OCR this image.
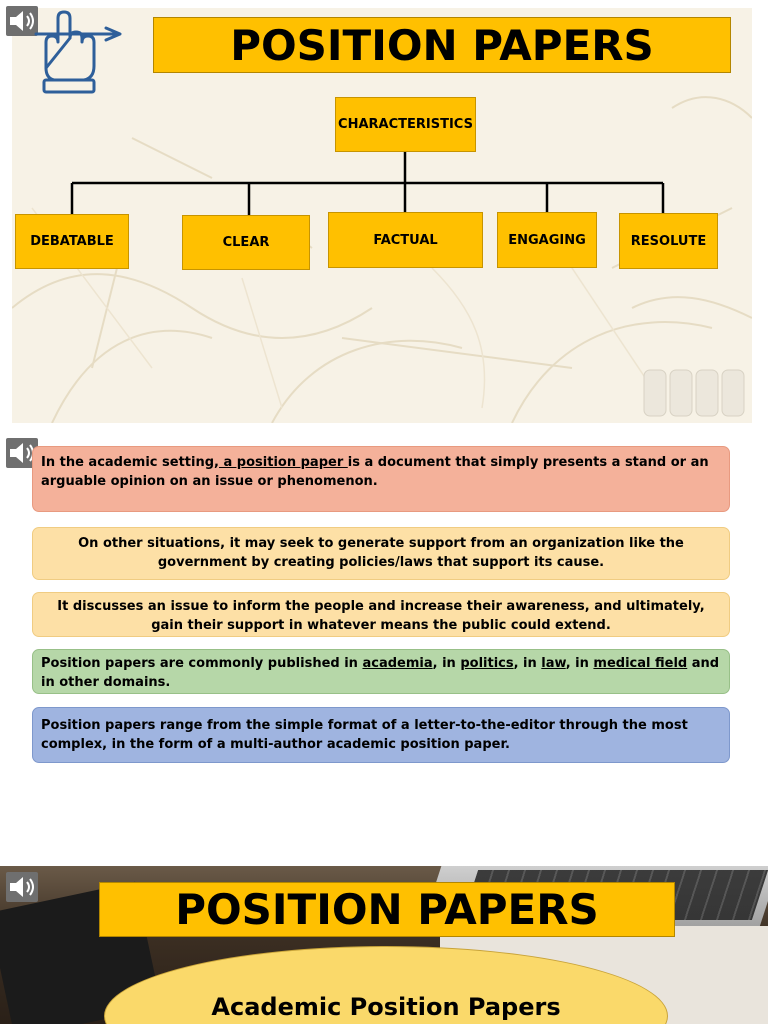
POSITION PAPERS
CHARACTERISTICS
DEBATABLE	CLEAR	FACTUAL	ENGAGING	RESOLUTE
In the academic setting, a position paper is a document that simply presents a stand or an arguable opinion on an issue or phenomenon.
On other situations, it may seek to generate support from an organization like the government by creating policies/laws that support its cause.
It discusses an issue to inform the people and increase their awareness, and ultimately, gain their support in whatever means the public could extend.
Position papers are commonly published in academia, in politics, in law, in medical field and in other domains.
Position papers range from the simple format of a letter-to-the-editor through the most complex, in the form of a multi-author academic position paper.
POSITION PAPERS
Academic Position Papers
